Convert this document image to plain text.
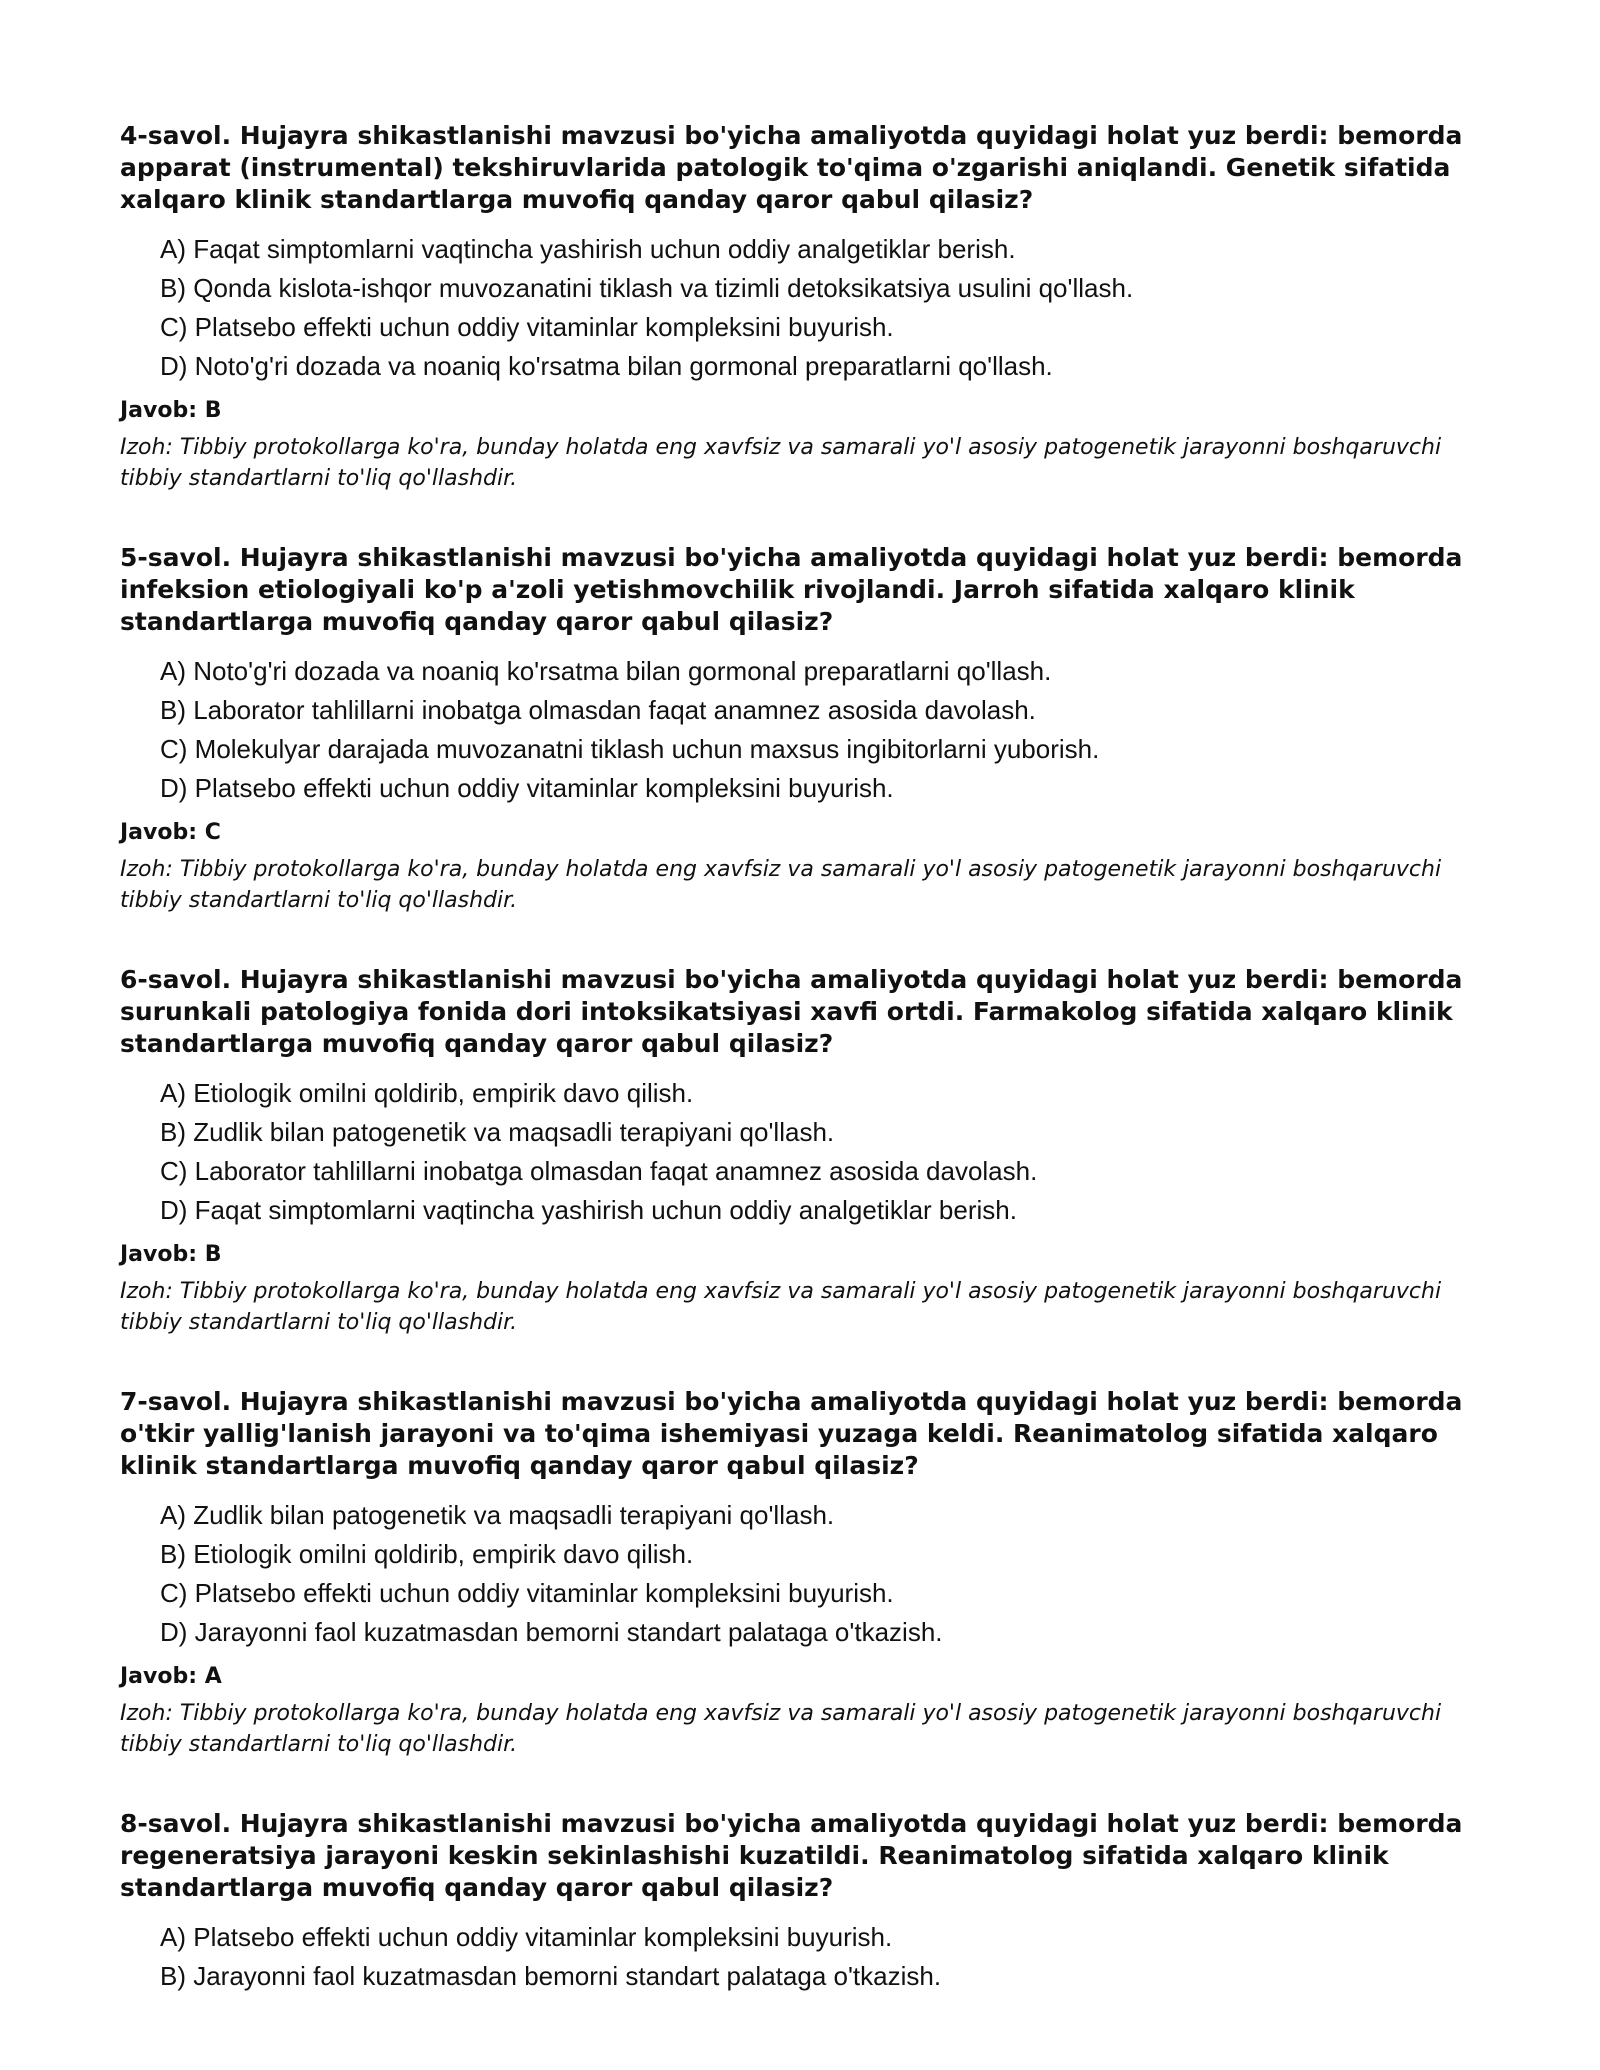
4-savol. Hujayra shikastlanishi mavzusi bo'yicha amaliyotda quyidagi holat yuz berdi: bemorda apparat (instrumental) tekshiruvlarida patologik to'qima o'zgarishi aniqlandi. Genetik sifatida xalqaro klinik standartlarga muvofiq qanday qaror qabul qilasiz?

A) Faqat simptomlarni vaqtincha yashirish uchun oddiy analgetiklar berish.
B) Qonda kislota-ishqor muvozanatini tiklash va tizimli detoksikatsiya usulini qo'llash.
C) Platsebo effekti uchun oddiy vitaminlar kompleksini buyurish.
D) Noto'g'ri dozada va noaniq ko'rsatma bilan gormonal preparatlarni qo'llash.

Javob: B

Izoh: Tibbiy protokollarga ko'ra, bunday holatda eng xavfsiz va samarali yo'l asosiy patogenetik jarayonni boshqaruvchi tibbiy standartlarni to'liq qo'llashdir.

5-savol. Hujayra shikastlanishi mavzusi bo'yicha amaliyotda quyidagi holat yuz berdi: bemorda infeksion etiologiyali ko'p a'zoli yetishmovchilik rivojlandi. Jarroh sifatida xalqaro klinik standartlarga muvofiq qanday qaror qabul qilasiz?

A) Noto'g'ri dozada va noaniq ko'rsatma bilan gormonal preparatlarni qo'llash.
B) Laborator tahlillarni inobatga olmasdan faqat anamnez asosida davolash.
C) Molekulyar darajada muvozanatni tiklash uchun maxsus ingibitorlarni yuborish.
D) Platsebo effekti uchun oddiy vitaminlar kompleksini buyurish.

Javob: C

Izoh: Tibbiy protokollarga ko'ra, bunday holatda eng xavfsiz va samarali yo'l asosiy patogenetik jarayonni boshqaruvchi tibbiy standartlarni to'liq qo'llashdir.

6-savol. Hujayra shikastlanishi mavzusi bo'yicha amaliyotda quyidagi holat yuz berdi: bemorda surunkali patologiya fonida dori intoksikatsiyasi xavfi ortdi. Farmakolog sifatida xalqaro klinik standartlarga muvofiq qanday qaror qabul qilasiz?

A) Etiologik omilni qoldirib, empirik davo qilish.
B) Zudlik bilan patogenetik va maqsadli terapiyani qo'llash.
C) Laborator tahlillarni inobatga olmasdan faqat anamnez asosida davolash.
D) Faqat simptomlarni vaqtincha yashirish uchun oddiy analgetiklar berish.

Javob: B

Izoh: Tibbiy protokollarga ko'ra, bunday holatda eng xavfsiz va samarali yo'l asosiy patogenetik jarayonni boshqaruvchi tibbiy standartlarni to'liq qo'llashdir.

7-savol. Hujayra shikastlanishi mavzusi bo'yicha amaliyotda quyidagi holat yuz berdi: bemorda o'tkir yallig'lanish jarayoni va to'qima ishemiyasi yuzaga keldi. Reanimatolog sifatida xalqaro klinik standartlarga muvofiq qanday qaror qabul qilasiz?

A) Zudlik bilan patogenetik va maqsadli terapiyani qo'llash.
B) Etiologik omilni qoldirib, empirik davo qilish.
C) Platsebo effekti uchun oddiy vitaminlar kompleksini buyurish.
D) Jarayonni faol kuzatmasdan bemorni standart palataga o'tkazish.

Javob: A

Izoh: Tibbiy protokollarga ko'ra, bunday holatda eng xavfsiz va samarali yo'l asosiy patogenetik jarayonni boshqaruvchi tibbiy standartlarni to'liq qo'llashdir.

8-savol. Hujayra shikastlanishi mavzusi bo'yicha amaliyotda quyidagi holat yuz berdi: bemorda regeneratsiya jarayoni keskin sekinlashishi kuzatildi. Reanimatolog sifatida xalqaro klinik standartlarga muvofiq qanday qaror qabul qilasiz?

A) Platsebo effekti uchun oddiy vitaminlar kompleksini buyurish.
B) Jarayonni faol kuzatmasdan bemorni standart palataga o'tkazish.
